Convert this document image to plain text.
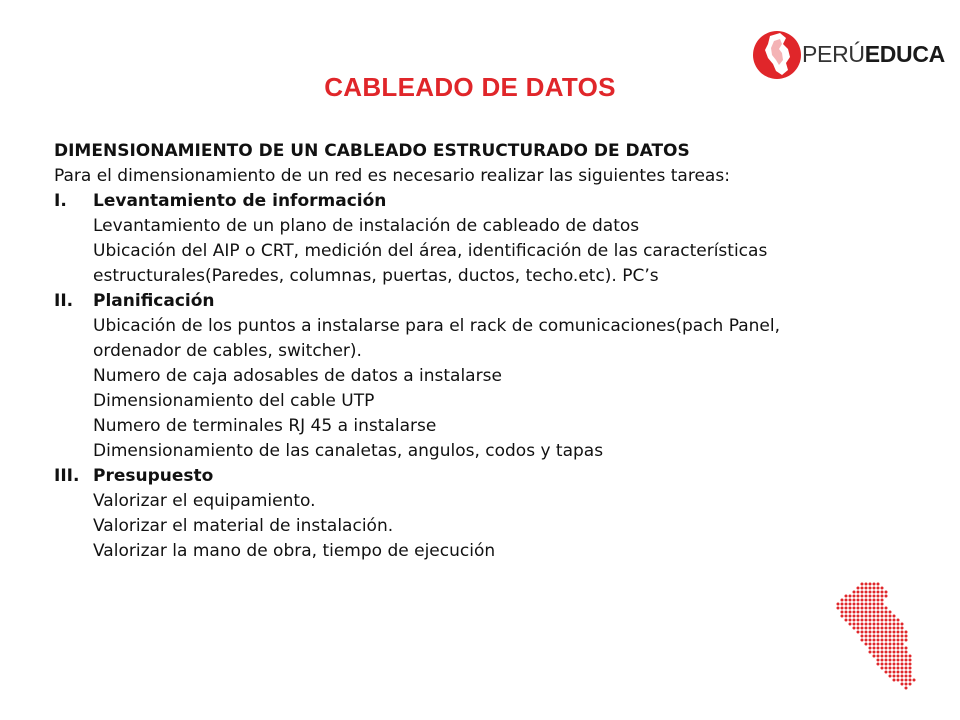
PERÚEDUCA
CABLEADO DE DATOS
DIMENSIONAMIENTO DE UN CABLEADO ESTRUCTURADO DE DATOS
Para el dimensionamiento de un red es necesario realizar las siguientes tareas:
I.	Levantamiento de información
Levantamiento de un plano de instalación de cableado de datos
Ubicación del AIP o CRT, medición del área, identificación de las características
estructurales(Paredes, columnas, puertas, ductos, techo.etc). PC’s
II.	Planificación
Ubicación de los puntos a instalarse para el rack de comunicaciones(pach Panel,
ordenador de cables, switcher).
Numero de caja adosables de datos a instalarse
Dimensionamiento del cable UTP
Numero de terminales RJ 45 a instalarse
Dimensionamiento de las canaletas, angulos, codos y tapas
III. Presupuesto
Valorizar el equipamiento.
Valorizar el material de instalación.
Valorizar la mano de obra, tiempo de ejecución
